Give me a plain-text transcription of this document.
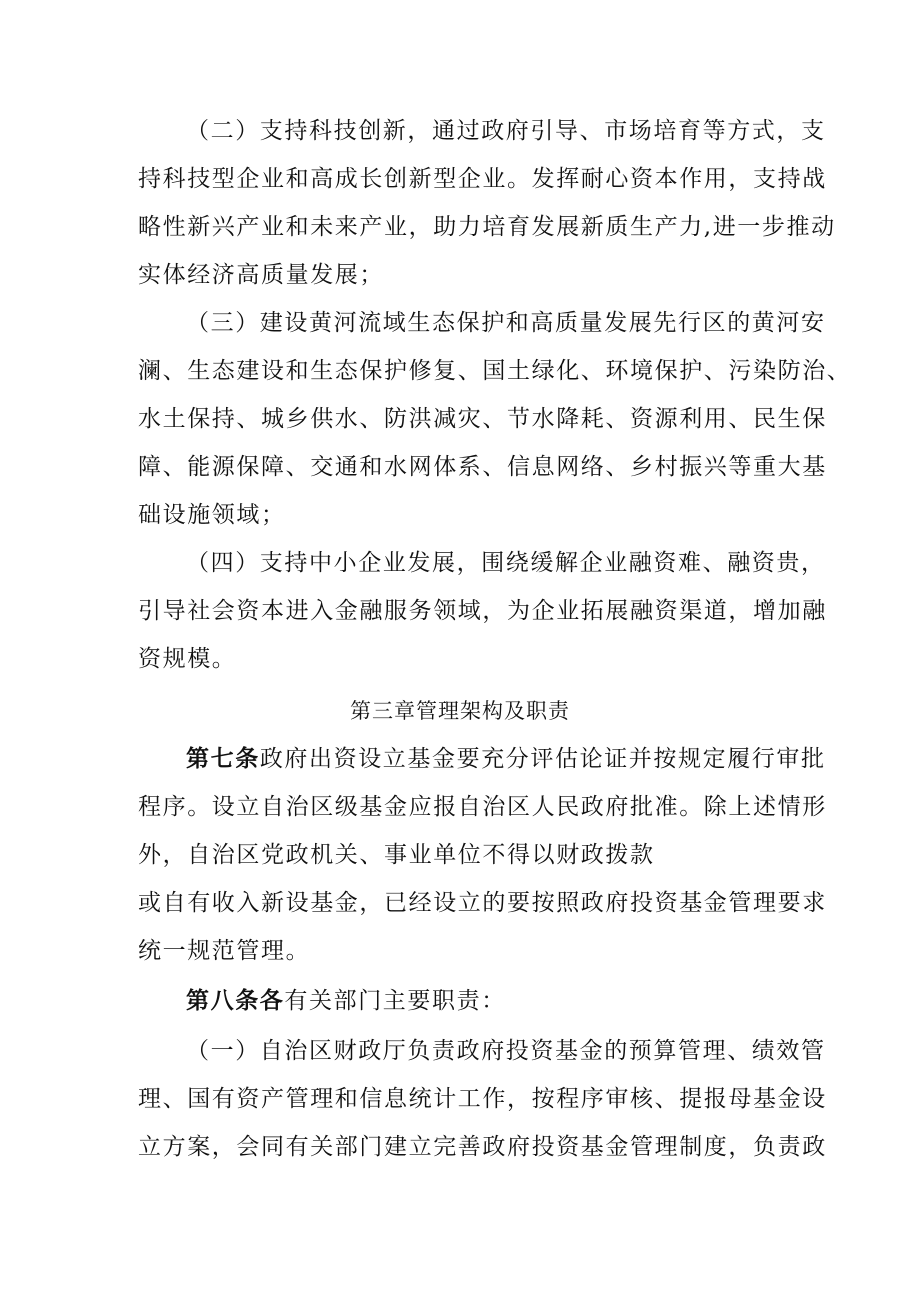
（二）支持科技创新，通过政府引导、市场培育等方式，支
持科技型企业和高成长创新型企业。发挥耐心资本作用，支持战
略性新兴产业和未来产业，助力培育发展新质生产力,进一步推动
实体经济高质量发展；
（三）建设黄河流域生态保护和高质量发展先行区的黄河安
澜、生态建设和生态保护修复、国土绿化、环境保护、污染防治、
水土保持、城乡供水、防洪减灾、节水降耗、资源利用、民生保
障、能源保障、交通和水网体系、信息网络、乡村振兴等重大基
础设施领域；
（四）支持中小企业发展，围绕缓解企业融资难、融资贵，
引导社会资本进入金融服务领域，为企业拓展融资渠道，增加融
资规模。
第三章管理架构及职责
第七条政府出资设立基金要充分评估论证并按规定履行审批
程序。设立自治区级基金应报自治区人民政府批准。除上述情形
外，自治区党政机关、事业单位不得以财政拨款
或自有收入新设基金，已经设立的要按照政府投资基金管理要求
统一规范管理。
第八条各有关部门主要职责：
（一）自治区财政厅负责政府投资基金的预算管理、绩效管
理、国有资产管理和信息统计工作，按程序审核、提报母基金设
立方案，会同有关部门建立完善政府投资基金管理制度，负责政
